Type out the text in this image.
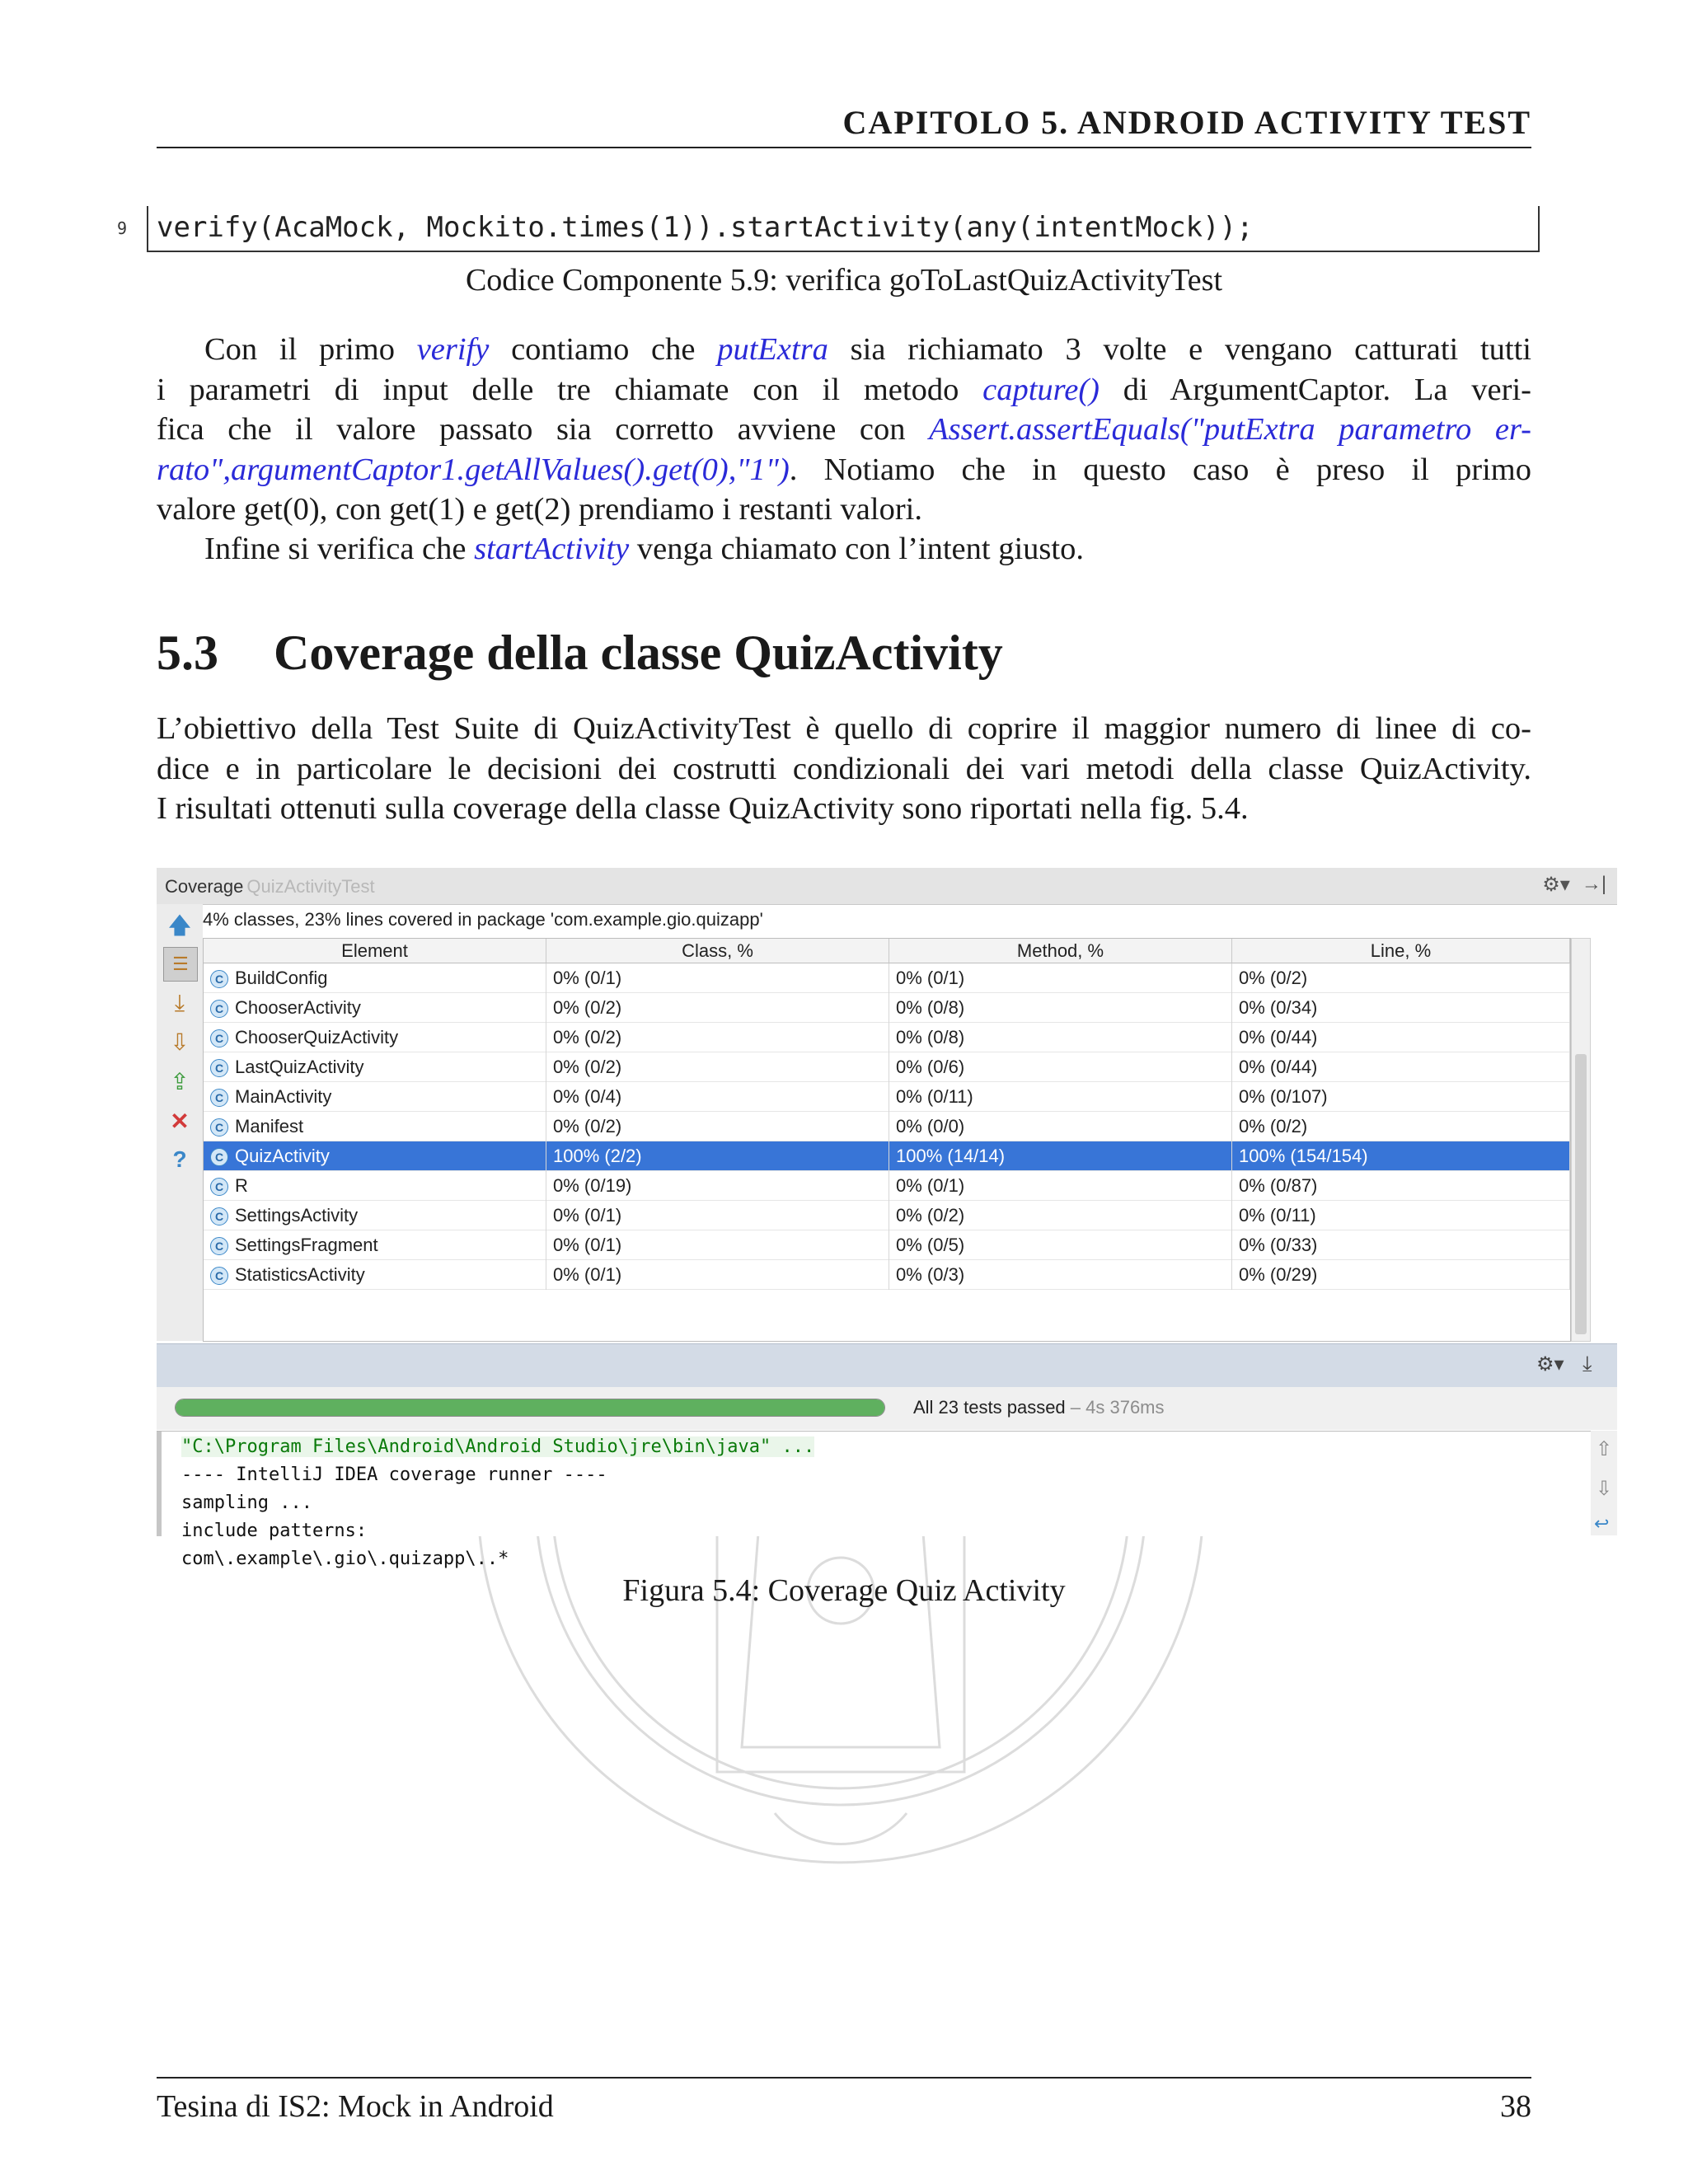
CAPITOLO 5. ANDROID ACTIVITY TEST
9 verify(AcaMock, Mockito.times(1)).startActivity(any(intentMock));
Codice Componente 5.9: verifica goToLastQuizActivityTest
Con il primo verify contiamo che putExtra sia richiamato 3 volte e vengano catturati tutti
i parametri di input delle tre chiamate con il metodo capture() di ArgumentCaptor. La veri-
fica che il valore passato sia corretto avviene con Assert.assertEquals("putExtra parametro er-
rato",argumentCaptor1.getAllValues().get(0),"1"). Notiamo che in questo caso è preso il primo
valore get(0), con get(1) e get(2) prendiamo i restanti valori.
Infine si verifica che startActivity venga chiamato con l’intent giusto.
5.3 Coverage della classe QuizActivity
L’obiettivo della Test Suite di QuizActivityTest è quello di coprire il maggior numero di linee di co-
dice e in particolare le decisioni dei costrutti condizionali dei vari metodi della classe QuizActivity.
I risultati ottenuti sulla coverage della classe QuizActivity sono riportati nella fig. 5.4.
Coverage QuizActivityTest	⚙▾ →|
🡅
☰
⤓
⇩
⇪
✕
?
4% classes, 23% lines covered in package 'com.example.gio.quizapp'
Element	Class, %	Method, %	Line, %
C BuildConfig	0% (0/1)	0% (0/1)	0% (0/2)
C ChooserActivity	0% (0/2)	0% (0/8)	0% (0/34)
C ChooserQuizActivity	0% (0/2)	0% (0/8)	0% (0/44)
C LastQuizActivity	0% (0/2)	0% (0/6)	0% (0/44)
C MainActivity	0% (0/4)	0% (0/11)	0% (0/107)
C Manifest	0% (0/2)	0% (0/0)	0% (0/2)
C QuizActivity	100% (2/2)	100% (14/14)	100% (154/154)
C R	0% (0/19)	0% (0/1)	0% (0/87)
C SettingsActivity	0% (0/1)	0% (0/2)	0% (0/11)
C SettingsFragment	0% (0/1)	0% (0/5)	0% (0/33)
C StatisticsActivity	0% (0/1)	0% (0/3)	0% (0/29)
⚙▾ ⤓
All 23 tests passed – 4s 376ms
"C:\Program Files\Android\Android Studio\jre\bin\java" ...
---- IntelliJ IDEA coverage runner ----
sampling ...
include patterns:
com\.example\.gio\.quizapp\..*
⇧
⇩
↩
Figura 5.4: Coverage Quiz Activity
Tesina di IS2: Mock in Android	38
